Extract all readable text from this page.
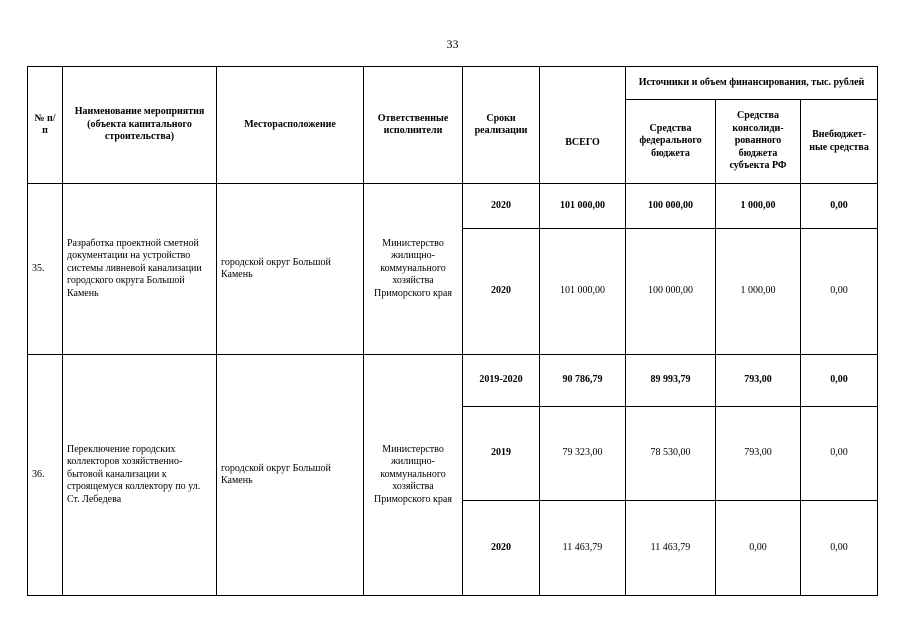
33
№ п/п	Наименование мероприятия (объекта капитального строительства)	Месторасположение	Ответственные исполнители	Сроки реализации	ВСЕГО	Источники и объем финансирования, тыс. рублей		
						Средства федерального бюджета	Средства консолиди-рованного бюджета субъекта РФ	Внебюджет-ные средства
35.	Разработка проектной сметной документации на устройство системы ливневой канализации городского округа Большой Камень	городской округ Большой Камень	Министерство жилищно-коммунального хозяйства Приморского края	2020	101 000,00	100 000,00	1 000,00	0,00
				2020	101 000,00	100 000,00	1 000,00	0,00
36.	Переключение городских коллекторов хозяйственно-бытовой канализации к строящемуся коллектору по ул. Ст. Лебедева	городской округ Большой Камень	Министерство жилищно-коммунального хозяйства Приморского края	2019-2020	90 786,79	89 993,79	793,00	0,00
				2019	79 323,00	78 530,00	793,00	0,00
				2020	11 463,79	11 463,79	0,00	0,00
